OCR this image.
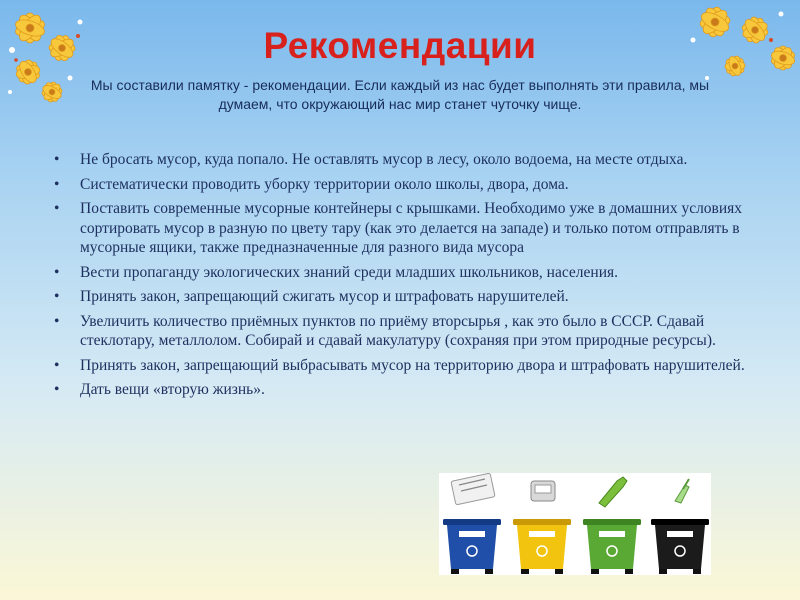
Рекомендации
Мы составили памятку - рекомендации. Если каждый из нас будет выполнять эти правила, мы думаем, что окружающий нас мир станет чуточку чище.
•	Не бросать мусор, куда попало. Не оставлять мусор в лесу, около водоема, на месте отдыха.
•	Систематически проводить уборку территории около школы, двора, дома.
•	Поставить современные мусорные контейнеры с крышками. Необходимо уже в домашних условиях сортировать мусор в разную по цвету тару (как это делается на западе) и только потом отправлять в мусорные ящики, также предназначенные для разного вида мусора
•	Вести пропаганду экологических знаний среди младших школьников, населения.
•	Принять закон, запрещающий сжигать мусор и штрафовать нарушителей.
•	Увеличить количество приёмных пунктов по приёму вторсырья , как это было в СССР. Сдавай стеклотару, металлолом. Собирай и сдавай макулатуру (сохраняя при этом природные ресурсы).
•	Принять закон, запрещающий выбрасывать мусор на территорию двора и штрафовать нарушителей.
•	Дать вещи «вторую жизнь».
